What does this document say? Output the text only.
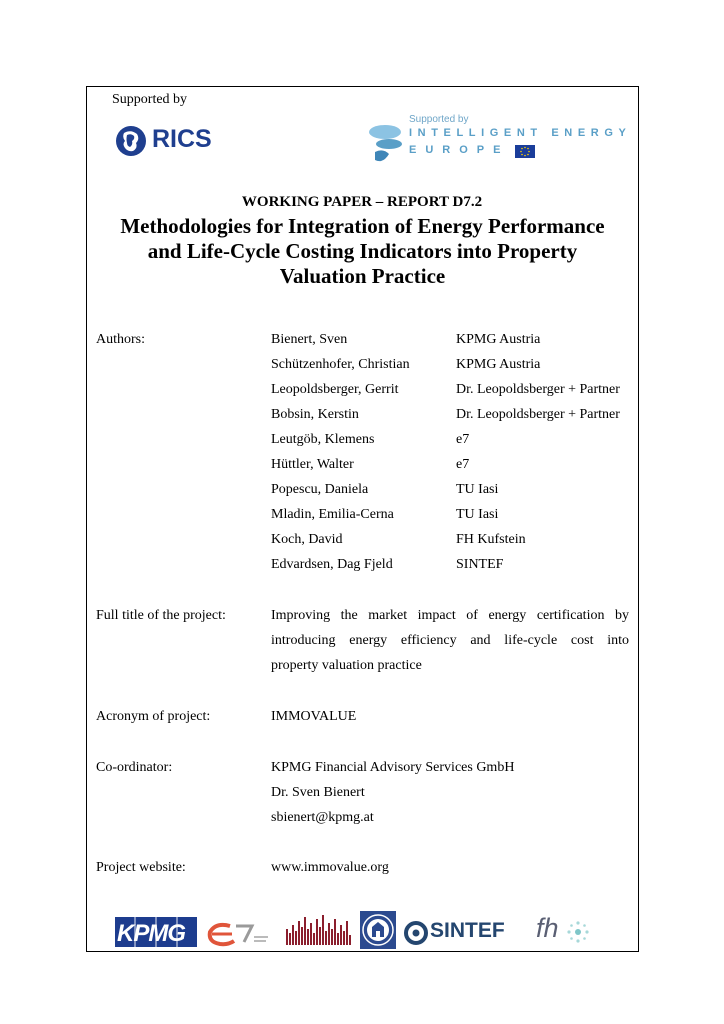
Supported by
RICS
Supported by
INTELLIGENT ENERGY
EUROPE
WORKING PAPER – REPORT D7.2
Methodologies for Integration of Energy Performance
and Life-Cycle Costing Indicators into Property
Valuation Practice
Authors:	Bienert, Sven	KPMG Austria
Schützenhofer, Christian	KPMG Austria
Leopoldsberger, Gerrit	Dr. Leopoldsberger + Partner
Bobsin, Kerstin	Dr. Leopoldsberger + Partner
Leutgöb, Klemens	e7
Hüttler, Walter	e7
Popescu, Daniela	TU Iasi
Mladin, Emilia-Cerna	TU Iasi
Koch, David	FH Kufstein
Edvardsen, Dag Fjeld	SINTEF
Full title of the project:	Improving the market impact of energy certification by
introducing energy efficiency and life-cycle cost into
property valuation practice
Acronym of project:	IMMOVALUE
Co-ordinator:	KPMG Financial Advisory Services GmbH
Dr. Sven Bienert
sbienert@kpmg.at
Project website:	www.immovalue.org
KPMG	SINTEF fh
